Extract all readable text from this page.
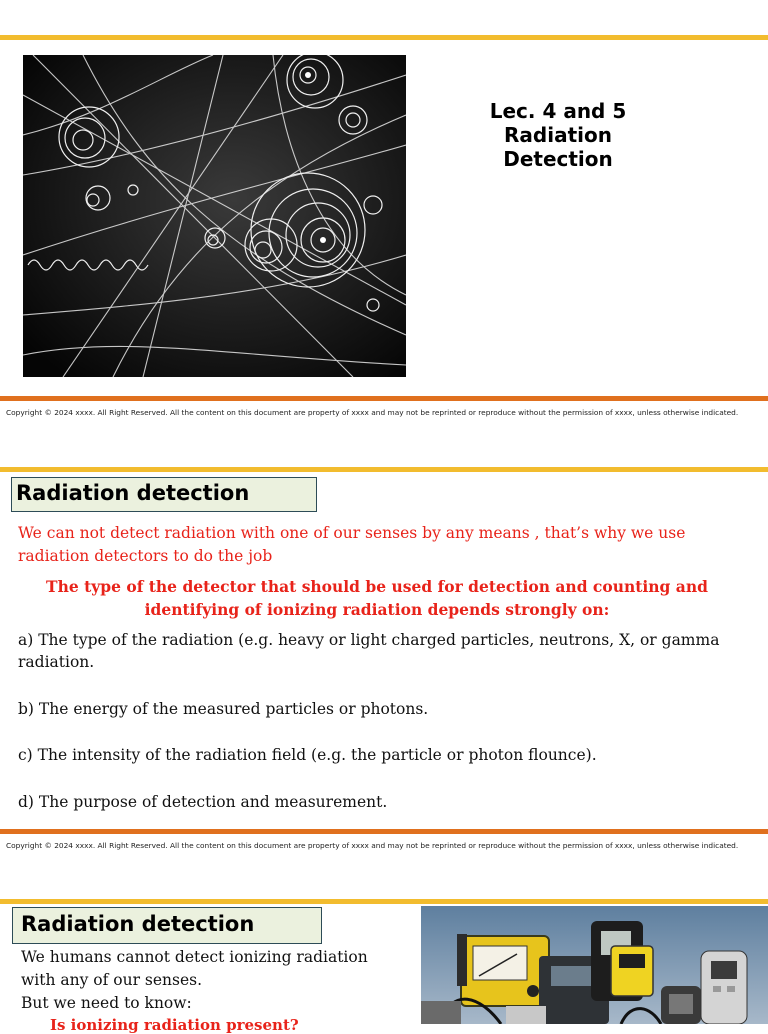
Lec. 4 and 5
Radiation
Detection
Copyright © 2024 xxxx. All Right Reserved. All the content on this document are property of xxxx and may not be reprinted or reproduce without the permission of xxxx, unless otherwise indicated.
Radiation detection
We can not detect radiation with one of our senses by any means , that’s why we use radiation detectors to do the job
The type of the detector that should be used for detection and counting and identifying of ionizing radiation depends strongly on:
a) The type of the radiation (e.g. heavy or light charged particles, neutrons, X, or gamma radiation.
b) The energy of the measured particles or photons.
c) The intensity of the radiation field (e.g. the particle or photon flounce).
d) The purpose of detection and measurement.
Copyright © 2024 xxxx. All Right Reserved. All the content on this document are property of xxxx and may not be reprinted or reproduce without the permission of xxxx, unless otherwise indicated.
Radiation detection
We humans cannot detect ionizing radiation
with any of our senses.
But we need to know:
Is ionizing radiation present?
